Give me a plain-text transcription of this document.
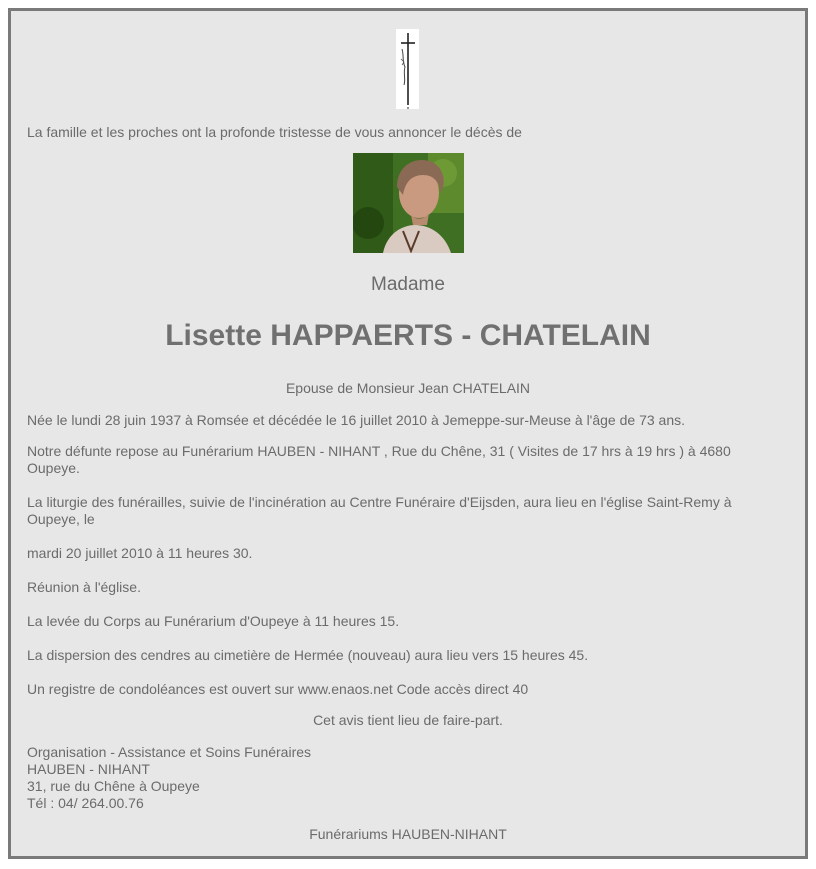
La famille et les proches ont la profonde tristesse de vous annoncer le décès de
Madame
Lisette HAPPAERTS - CHATELAIN
Epouse de Monsieur Jean CHATELAIN
Née le lundi 28 juin 1937 à Romsée et décédée le 16 juillet 2010 à Jemeppe-sur-Meuse à l'âge de 73 ans.
Notre défunte repose au Funérarium HAUBEN - NIHANT , Rue du Chêne, 31 ( Visites de 17 hrs à 19 hrs ) à 4680 Oupeye.
La liturgie des funérailles, suivie de l'incinération au Centre Funéraire d'Eijsden, aura lieu en l'église Saint-Remy à Oupeye, le
mardi 20 juillet 2010 à 11 heures 30.
Réunion à l'église.
La levée du Corps au Funérarium d'Oupeye à 11 heures 15.
La dispersion des cendres au cimetière de Hermée (nouveau) aura lieu vers 15 heures 45.
Un registre de condoléances est ouvert sur www.enaos.net Code accès direct 40
Cet avis tient lieu de faire-part.
Organisation - Assistance et Soins Funéraires
HAUBEN - NIHANT
31, rue du Chêne à Oupeye
Tél : 04/ 264.00.76
Funérariums HAUBEN-NIHANT
